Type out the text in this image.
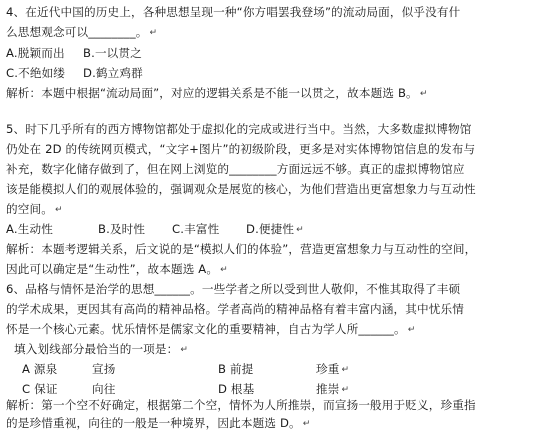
4、在近代中国的历史上，各种思想呈现一种“你方唱罢我登场”的流动局面，似乎没有什
么思想观念可以________。 ↵
A.脱颖而出 B.一以贯之
C.不绝如缕 D.鹤立鸡群
解析：本题中根据“流动局面”，对应的逻辑关系是不能一以贯之，故本题选 B。 ↵
5、时下几乎所有的西方博物馆都处于虚拟化的完成或进行当中。当然，大多数虚拟博物馆
仍处在 2D 的传统网页模式，“文字+图片”的初级阶段，更多是对实体博物馆信息的发布与
补充，数字化储存做到了，但在网上浏览的________方面远远不够。真正的虚拟博物馆应
该是能模拟人们的观展体验的，强调观众是展览的核心，为他们营造出更富想象力与互动性
的空间。 ↵
A.生动性	B.及时性 C.丰富性 D.便捷性 ↵
解析：本题考逻辑关系，后文说的是“模拟人们的体验”，营造更富想象力与互动性的空间，
因此可以确定是“生动性”，故本题选 A。 ↵
6、品格与情怀是治学的思想______。一些学者之所以受到世人敬仰，不惟其取得了丰硕
的学术成果，更因其有高尚的精神品格。学者高尚的精神品格有着丰富内涵，其中忧乐情
怀是一个核心元素。忧乐情怀是儒家文化的重要精神，自古为学人所______。 ↵
填入划线部分最恰当的一项是： ↵
A 源泉	宣扬	B 前提	珍重 ↵
C 保证	向往	D 根基	推崇 ↵
解析：第一个空不好确定，根据第二个空，情怀为人所推崇，而宣扬一般用于贬义，珍重指
的是珍惜重视，向往的一般是一种境界，因此本题选 D。 ↵
